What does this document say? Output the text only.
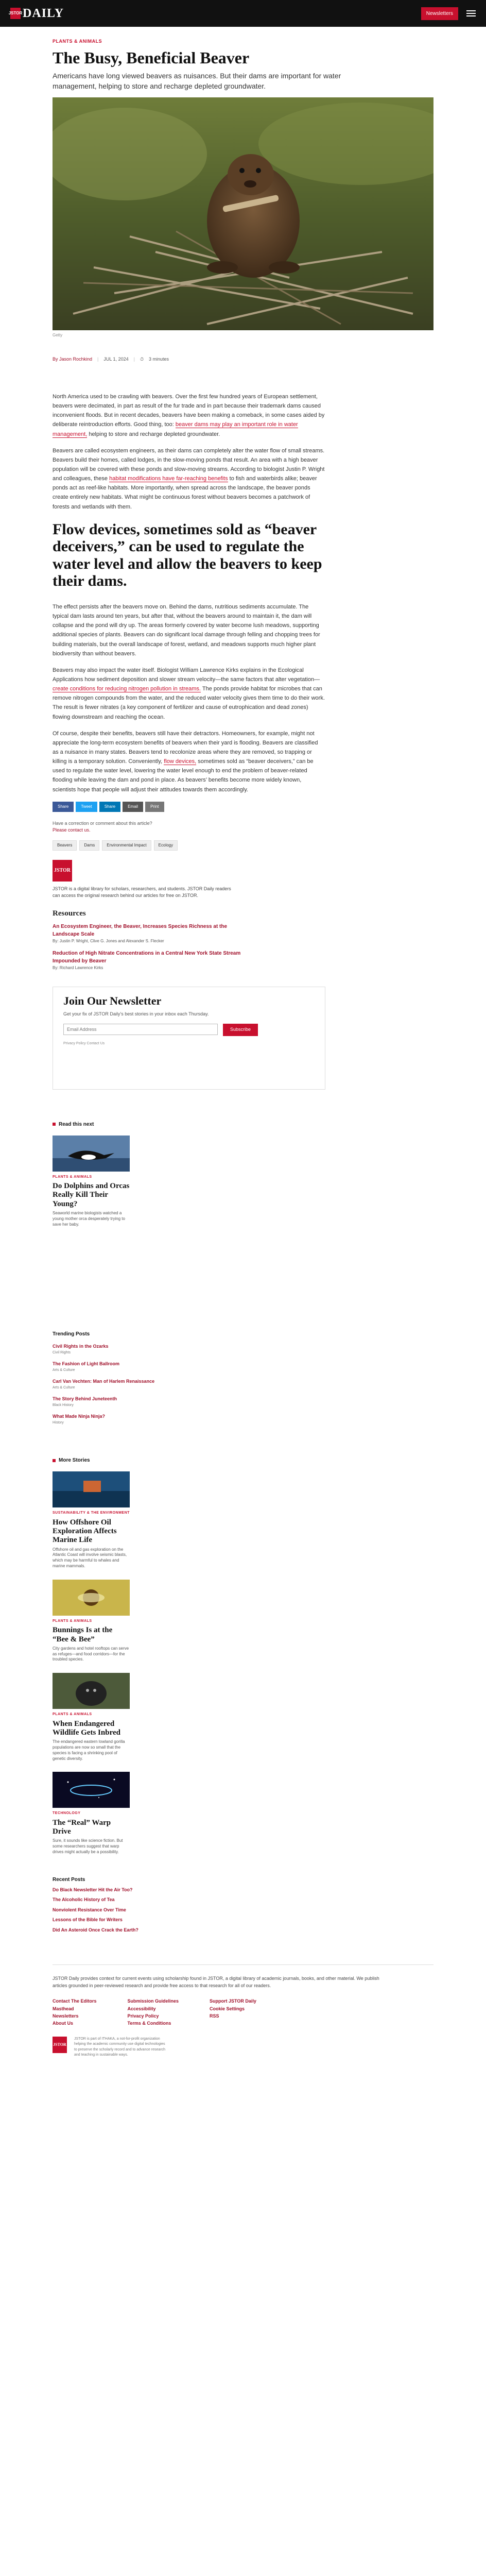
JSTOR DAILY	Newsletters
PLANTS & ANIMALS
The Busy, Beneficial Beaver

Americans have long viewed beavers as nuisances. But their dams are important for water management, helping to store and recharge depleted groundwater.

Getty
By Jason Rochkind | JUL 1, 2024 | ⏱ 3 minutes

North America used to be crawling with beavers. Over the first few hundred years of European settlement, beavers were decimated, in part as result of the fur trade and in part because their trademark dams caused inconvenient floods. But in recent decades, beavers have been making a comeback, in some cases aided by deliberate reintroduction efforts. Good thing, too: beaver dams may play an important role in water management, helping to store and recharge depleted groundwater.

Beavers are called ecosystem engineers, as their dams can completely alter the water flow of small streams. Beavers build their homes, called lodges, in the slow-moving ponds that result. An area with a high beaver population will be covered with these ponds and slow-moving streams. According to biologist Justin P. Wright and colleagues, these habitat modifications have far-reaching benefits to fish and waterbirds alike; beaver ponds act as reef-like habitats. More importantly, when spread across the landscape, the beaver ponds create entirely new habitats. What might be continuous forest without beavers becomes a patchwork of forests and wetlands with them.

Flow devices, sometimes sold as “beaver deceivers,” can be used to regulate the water level and allow the beavers to keep their dams.

The effect persists after the beavers move on. Behind the dams, nutritious sediments accumulate. The typical dam lasts around ten years, but after that, without the beavers around to maintain it, the dam will collapse and the pond will dry up. The areas formerly covered by water become lush meadows, supporting additional species of plants. Beavers can do significant local damage through felling and chopping trees for building materials, but the overall landscape of forest, wetland, and meadows supports much higher plant biodiversity than without beavers.

Beavers may also impact the water itself. Biologist William Lawrence Kirks explains in the Ecological Applications how sediment deposition and slower stream velocity—the same factors that alter vegetation—create conditions for reducing nitrogen pollution in streams. The ponds provide habitat for microbes that can remove nitrogen compounds from the water, and the reduced water velocity gives them time to do their work. The result is fewer nitrates (a key component of fertilizer and cause of eutrophication and dead zones) flowing downstream and reaching the ocean.

Of course, despite their benefits, beavers still have their detractors. Homeowners, for example, might not appreciate the long-term ecosystem benefits of beavers when their yard is flooding. Beavers are classified as a nuisance in many states. Beavers tend to recolonize areas where they are removed, so trapping or killing is a temporary solution. Conveniently, flow devices, sometimes sold as “beaver deceivers,” can be used to regulate the water level, lowering the water level enough to end the problem of beaver-related flooding while leaving the dam and pond in place. As beavers’ benefits become more widely known, scientists hope that people will adjust their attitudes towards them accordingly.

Share	Tweet	Share	Email	Print

Have a correction or comment about this article?
Please contact us.

Beavers	Dams	Environmental Impact	Ecology
JSTOR

JSTOR is a digital library for scholars, researchers, and students. JSTOR Daily readers can access the original research behind our articles for free on JSTOR.

Resources
An Ecosystem Engineer, the Beaver, Increases Species Richness at the Landscape Scale
By: Justin P. Wright, Clive G. Jones and Alexander S. Flecker
Reduction of High Nitrate Concentrations in a Central New York State Stream Impounded by Beaver
By: Richard Lawrence Kirks
Join Our Newsletter

Get your fix of JSTOR Daily’s best stories in your inbox each Thursday.

Email Address
Subscribe

Privacy Policy Contact Us

Read this next
PLANTS & ANIMALS
Do Dolphins and Orcas Really Kill Their Young?

Seaworld marine biologists watched a young mother orca desperately trying to save her baby.

Trending Posts
Civil Rights in the Ozarks
Civil Rights
The Fashion of Light Ballroom
Arts & Culture
Carl Van Vechten: Man of Harlem Renaissance
Arts & Culture
The Story Behind Juneteenth
Black History
What Made Ninja Ninja?
History
More Stories
SUSTAINABILITY & THE ENVIRONMENT
How Offshore Oil Exploration Affects Marine Life

Offshore oil and gas exploration on the Atlantic Coast will involve seismic blasts, which may be harmful to whales and marine mammals.

PLANTS & ANIMALS
Bunnings Is at the “Bee & Bee”

City gardens and hotel rooftops can serve as refuges—and food corridors—for the troubled species.

PLANTS & ANIMALS
When Endangered Wildlife Gets Inbred

The endangered eastern lowland gorilla populations are now so small that the species is facing a shrinking pool of genetic diversity.

TECHNOLOGY
The “Real” Warp Drive

Sure, it sounds like science fiction. But some researchers suggest that warp drives might actually be a possibility.

Recent Posts
Do Black Newsletter Hit the Air Too?
The Alcoholic History of Tea
Nonviolent Resistance Over Time
Lessons of the Bible for Writers
Did An Asteroid Once Crack the Earth?

JSTOR Daily provides context for current events using scholarship found in JSTOR, a digital library of academic journals, books, and other material. We publish articles grounded in peer-reviewed research and provide free access to that research for all of our readers.

Contact The Editors
Masthead
Newsletters
About Us
Submission Guidelines
Accessibility
Privacy Policy
Terms & Conditions
Support JSTOR Daily
Cookie Settings
RSS
JSTOR

JSTOR is part of ITHAKA, a not-for-profit organization helping the academic community use digital technologies to preserve the scholarly record and to advance research and teaching in sustainable ways.
